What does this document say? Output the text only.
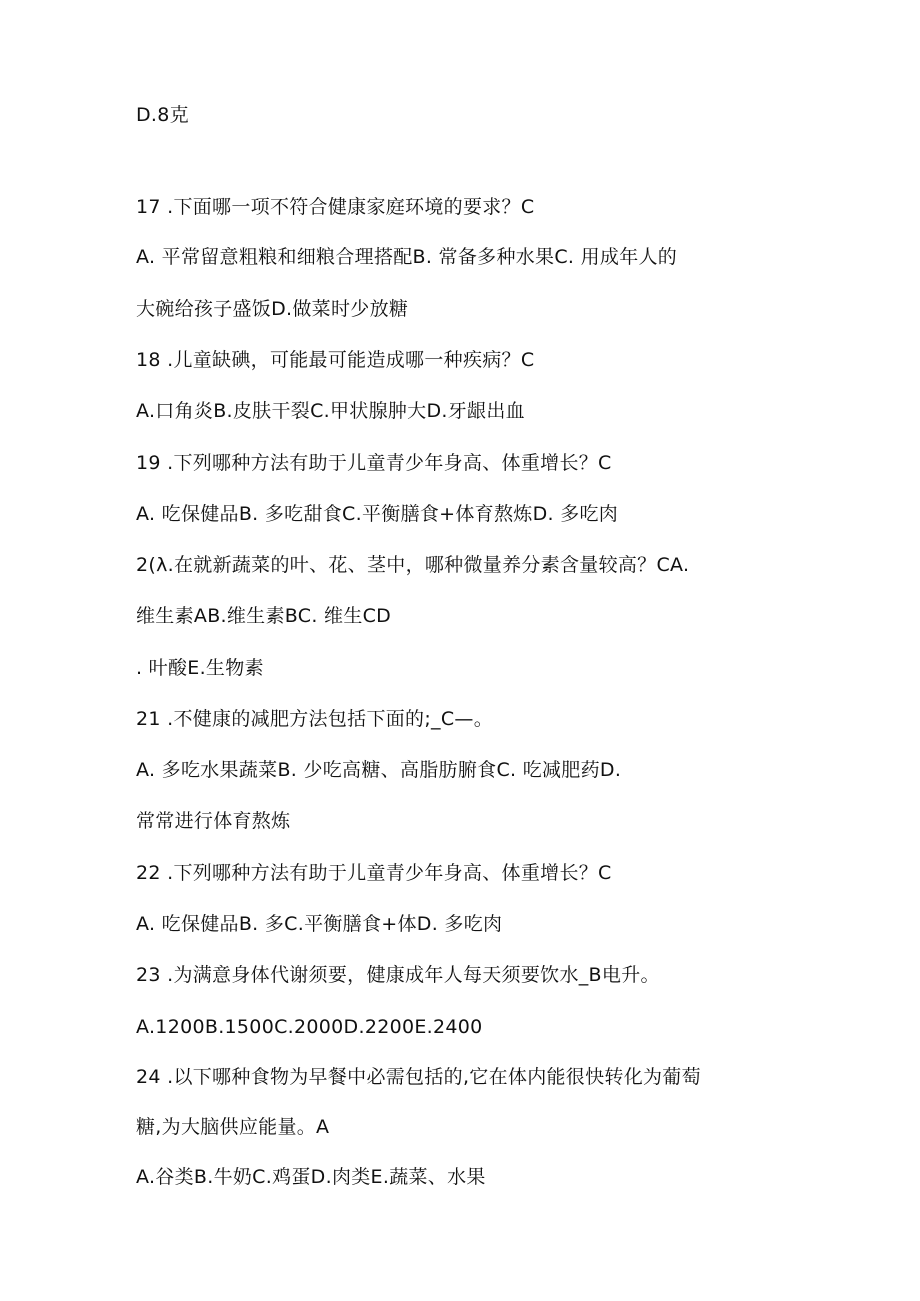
D.8克

17 .下面哪一项不符合健康家庭环境的要求？C

A. 平常留意粗粮和细粮合理搭配B. 常备多种水果C. 用成年人的

大碗给孩子盛饭D.做菜时少放糖

18 .儿童缺碘，可能最可能造成哪一种疾病？C

A.口角炎B.皮肤干裂C.甲状腺肿大D.牙龈出血

19 .下列哪种方法有助于儿童青少年身高、体重增长？C

A. 吃保健品B. 多吃甜食C.平衡膳食+体育熬炼D. 多吃肉

2(λ.在就新蔬菜的叶、花、茎中，哪种微量养分素含量较高？CA.

维生素AB.维生素BC. 维生CD

. 叶酸E.生物素

21 .不健康的减肥方法包括下面的;_C—。

A. 多吃水果蔬菜B. 少吃高糖、高脂肪腑食C. 吃减肥药D.

常常进行体育熬炼

22 .下列哪种方法有助于儿童青少年身高、体重增长？C

A. 吃保健品B. 多C.平衡膳食+体D. 多吃肉

23 .为满意身体代谢须要，健康成年人每天须要饮水_B电升。

A.1200B.1500C.2000D.2200E.2400

24 .以下哪种食物为早餐中必需包括的,它在体内能很快转化为葡萄

糖,为大脑供应能量。A

A.谷类B.牛奶C.鸡蛋D.肉类E.蔬菜、水果
